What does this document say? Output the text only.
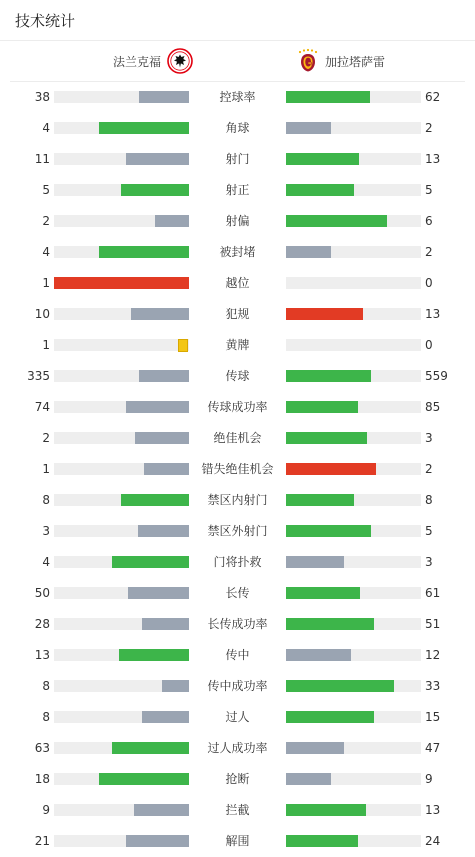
技术统计
法兰克福	加拉塔萨雷
38	控球率	62
4	角球	2
11	射门	13
5	射正	5
2	射偏	6
4	被封堵	2
1	越位	0
10	犯规	13
1	黄牌	0
335	传球	559
74	传球成功率	85
2	绝佳机会	3
1	错失绝佳机会	2
8	禁区内射门	8
3	禁区外射门	5
4	门将扑救	3
50	长传	61
28	长传成功率	51
13	传中	12
8	传中成功率	33
8	过人	15
63	过人成功率	47
18	抢断	9
9	拦截	13
21	解围	24
